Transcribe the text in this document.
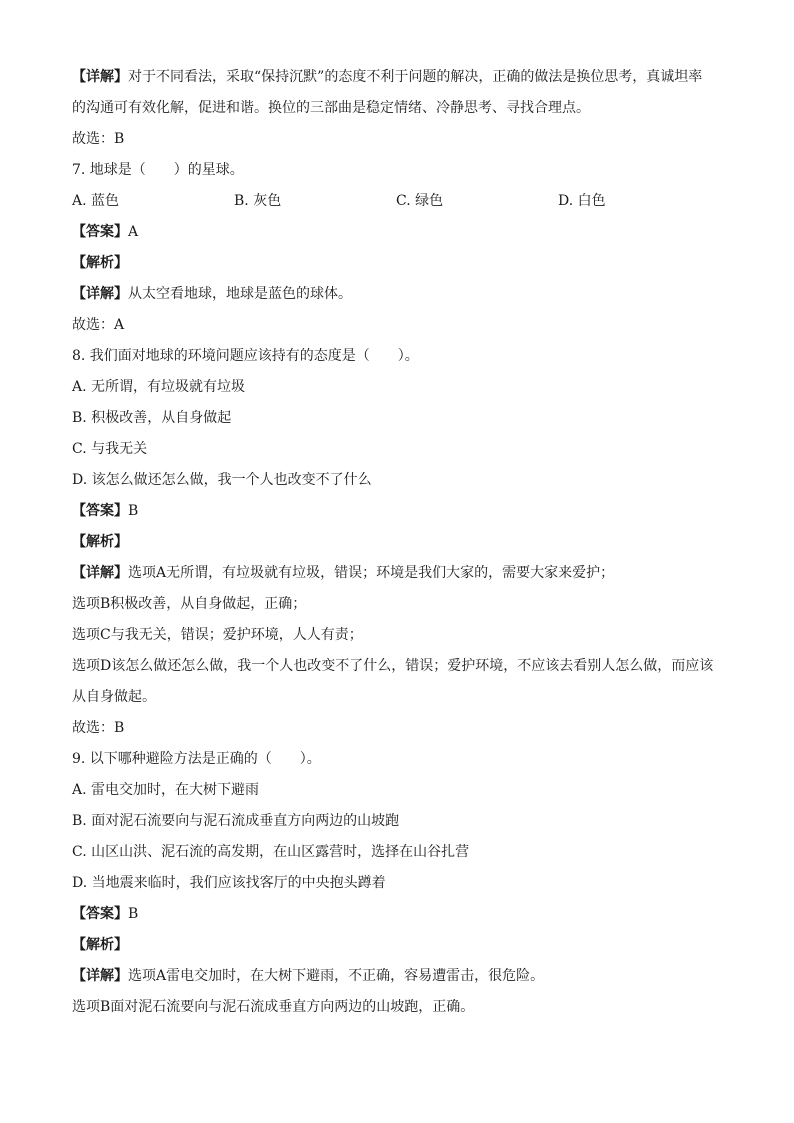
【详解】对于不同看法，采取“保持沉默”的态度不利于问题的解决，正确的做法是换位思考，真诚坦率
的沟通可有效化解，促进和谐。换位的三部曲是稳定情绪、冷静思考、寻找合理点。
故选：B
7. 地球是（　　）的星球。
A. 蓝色	B. 灰色	C. 绿色	D. 白色
【答案】A
【解析】
【详解】从太空看地球，地球是蓝色的球体。
故选：A
8. 我们面对地球的环境问题应该持有的态度是（　　）。
A. 无所谓，有垃圾就有垃圾
B. 积极改善，从自身做起
C. 与我无关
D. 该怎么做还怎么做，我一个人也改变不了什么
【答案】B
【解析】
【详解】选项A无所谓，有垃圾就有垃圾，错误；环境是我们大家的，需要大家来爱护；
选项B积极改善，从自身做起，正确；
选项C与我无关，错误；爱护环境，人人有责；
选项D该怎么做还怎么做，我一个人也改变不了什么，错误；爱护环境，不应该去看别人怎么做，而应该
从自身做起。
故选：B
9. 以下哪种避险方法是正确的（　　）。
A. 雷电交加时，在大树下避雨
B. 面对泥石流要向与泥石流成垂直方向两边的山坡跑
C. 山区山洪、泥石流的高发期，在山区露营时，选择在山谷扎营
D. 当地震来临时，我们应该找客厅的中央抱头蹲着
【答案】B
【解析】
【详解】选项A雷电交加时，在大树下避雨，不正确，容易遭雷击，很危险。
选项B面对泥石流要向与泥石流成垂直方向两边的山坡跑，正确。
